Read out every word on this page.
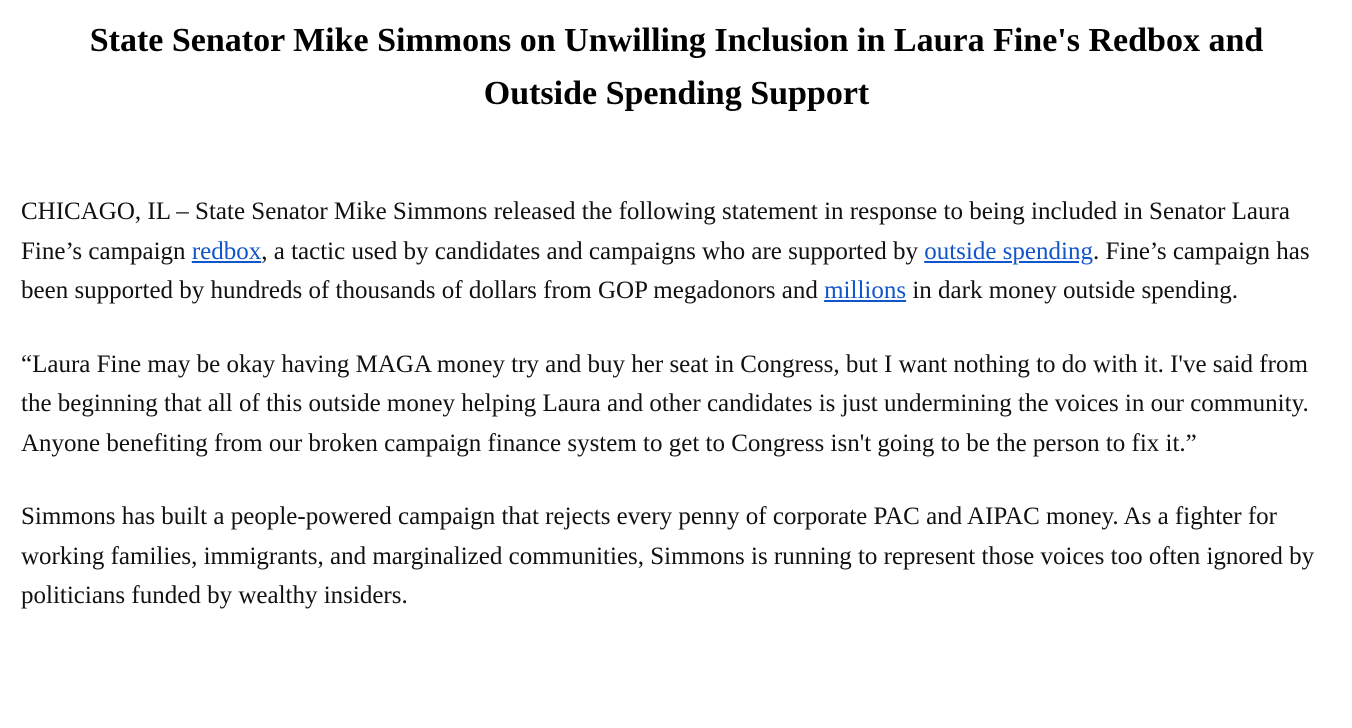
State Senator Mike Simmons on Unwilling Inclusion in Laura Fine's Redbox and Outside Spending Support

CHICAGO, IL – State Senator Mike Simmons released the following statement in response to being included in Senator Laura Fine’s campaign redbox, a tactic used by candidates and campaigns who are supported by outside spending. Fine’s campaign has been supported by hundreds of thousands of dollars from GOP megadonors and millions in dark money outside spending.

“Laura Fine may be okay having MAGA money try and buy her seat in Congress, but I want nothing to do with it. I've said from the beginning that all of this outside money helping Laura and other candidates is just undermining the voices in our community. Anyone benefiting from our broken campaign finance system to get to Congress isn't going to be the person to fix it.”

Simmons has built a people-powered campaign that rejects every penny of corporate PAC and AIPAC money. As a fighter for working families, immigrants, and marginalized communities, Simmons is running to represent those voices too often ignored by politicians funded by wealthy insiders.
